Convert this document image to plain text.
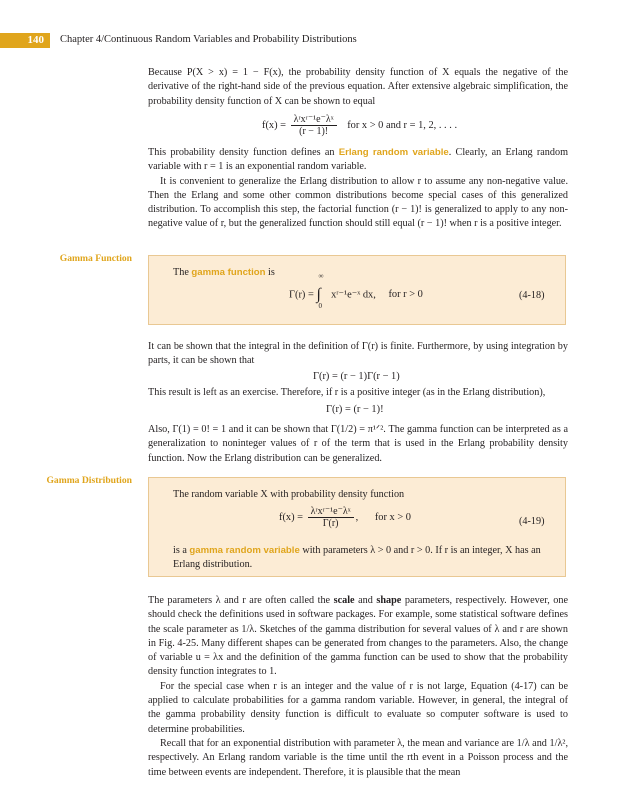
140	Chapter 4/Continuous Random Variables and Probability Distributions

Because P(X > x) = 1 − F(x), the probability density function of X equals the negative of the derivative of the right-hand side of the previous equation. After extensive algebraic simplification, the probability density function of X can be shown to equal

$f(x) = \frac{\text{λʳxʳ⁻¹e⁻λˣ}}{(r - 1)!}$ for x > 0 and r = 1, 2, . . . .

This probability density function defines an Erlang random variable. Clearly, an Erlang random variable with r = 1 is an exponential random variable.

It is convenient to generalize the Erlang distribution to allow r to assume any non-negative value. Then the Erlang and some other common distributions become special cases of this generalized distribution. To accomplish this step, the factorial function (r − 1)! is generalized to apply to any non-negative value of r, but the generalized function should still equal (r − 1)! when r is a positive integer.

Gamma Function
The gamma function is
Γ(r) =
∞
∫
0
xʳ⁻¹e⁻ˣ dx, for r > 0	(4-18)

It can be shown that the integral in the definition of Γ(r) is finite. Furthermore, by using integration by parts, it can be shown that

Γ(r) = (r − 1)Γ(r − 1)

This result is left as an exercise. Therefore, if r is a positive integer (as in the Erlang distribution),

Γ(r) = (r − 1)!

Also, Γ(1) = 0! = 1 and it can be shown that Γ(1/2) = π¹ᐟ². The gamma function can be interpreted as a generalization to noninteger values of r of the term that is used in the Erlang probability density function. Now the Erlang distribution can be generalized.

Gamma Distribution
The random variable X with probability density function
$f(x) = \frac{\text{λʳxʳ⁻¹e⁻λˣ}}{\Gamma(r)}$ , for x > 0	(4-19)
is a gamma random variable with parameters λ > 0 and r > 0. If r is an integer, X has an Erlang distribution.

The parameters λ and r are often called the scale and shape parameters, respectively. However, one should check the definitions used in software packages. For example, some statistical software defines the scale parameter as 1/λ. Sketches of the gamma distribution for several values of λ and r are shown in Fig. 4-25. Many different shapes can be generated from changes to the parameters. Also, the change of variable u = λx and the definition of the gamma function can be used to show that the probability density function integrates to 1.

For the special case when r is an integer and the value of r is not large, Equation (4-17) can be applied to calculate probabilities for a gamma random variable. However, in general, the integral of the gamma probability density function is difficult to evaluate so computer software is used to determine probabilities.

Recall that for an exponential distribution with parameter λ, the mean and variance are 1/λ and 1/λ², respectively. An Erlang random variable is the time until the rth event in a Poisson process and the time between events are independent. Therefore, it is plausible that the mean
